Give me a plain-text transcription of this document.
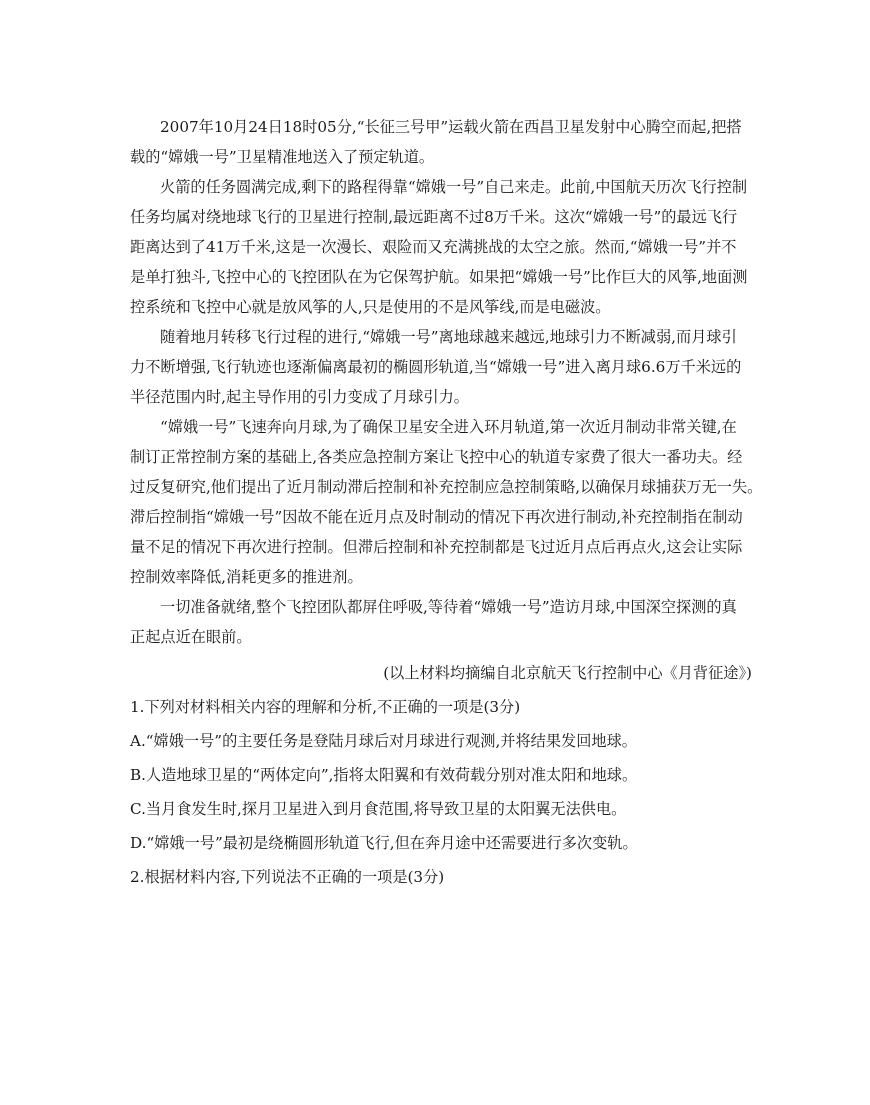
2007年10月24日18时05分,“长征三号甲”运载火箭在西昌卫星发射中心腾空而起,把搭

载的“嫦娥一号”卫星精准地送入了预定轨道。

火箭的任务圆满完成,剩下的路程得靠“嫦娥一号”自己来走。此前,中国航天历次飞行控制

任务均属对绕地球飞行的卫星进行控制,最远距离不过8万千米。这次“嫦娥一号”的最远飞行

距离达到了41万千米,这是一次漫长、艰险而又充满挑战的太空之旅。然而,“嫦娥一号”并不

是单打独斗,飞控中心的飞控团队在为它保驾护航。如果把“嫦娥一号”比作巨大的风筝,地面测

控系统和飞控中心就是放风筝的人,只是使用的不是风筝线,而是电磁波。

随着地月转移飞行过程的进行,“嫦娥一号”离地球越来越远,地球引力不断减弱,而月球引

力不断增强,飞行轨迹也逐渐偏离最初的椭圆形轨道,当“嫦娥一号”进入离月球6.6万千米远的

半径范围内时,起主导作用的引力变成了月球引力。

“嫦娥一号”飞速奔向月球,为了确保卫星安全进入环月轨道,第一次近月制动非常关键,在

制订正常控制方案的基础上,各类应急控制方案让飞控中心的轨道专家费了很大一番功夫。经

过反复研究,他们提出了近月制动滞后控制和补充控制应急控制策略,以确保月球捕获万无一失。

滞后控制指“嫦娥一号”因故不能在近月点及时制动的情况下再次进行制动,补充控制指在制动

量不足的情况下再次进行控制。但滞后控制和补充控制都是飞过近月点后再点火,这会让实际

控制效率降低,消耗更多的推进剂。

一切准备就绪,整个飞控团队都屏住呼吸,等待着“嫦娥一号”造访月球,中国深空探测的真

正起点近在眼前。

(以上材料均摘编自北京航天飞行控制中心《月背征途》)

1.下列对材料相关内容的理解和分析,不正确的一项是(3分)

A.“嫦娥一号”的主要任务是登陆月球后对月球进行观测,并将结果发回地球。

B.人造地球卫星的“两体定向”,指将太阳翼和有效荷载分别对准太阳和地球。

C.当月食发生时,探月卫星进入到月食范围,将导致卫星的太阳翼无法供电。

D.“嫦娥一号”最初是绕椭圆形轨道飞行,但在奔月途中还需要进行多次变轨。

2.根据材料内容,下列说法不正确的一项是(3分)
